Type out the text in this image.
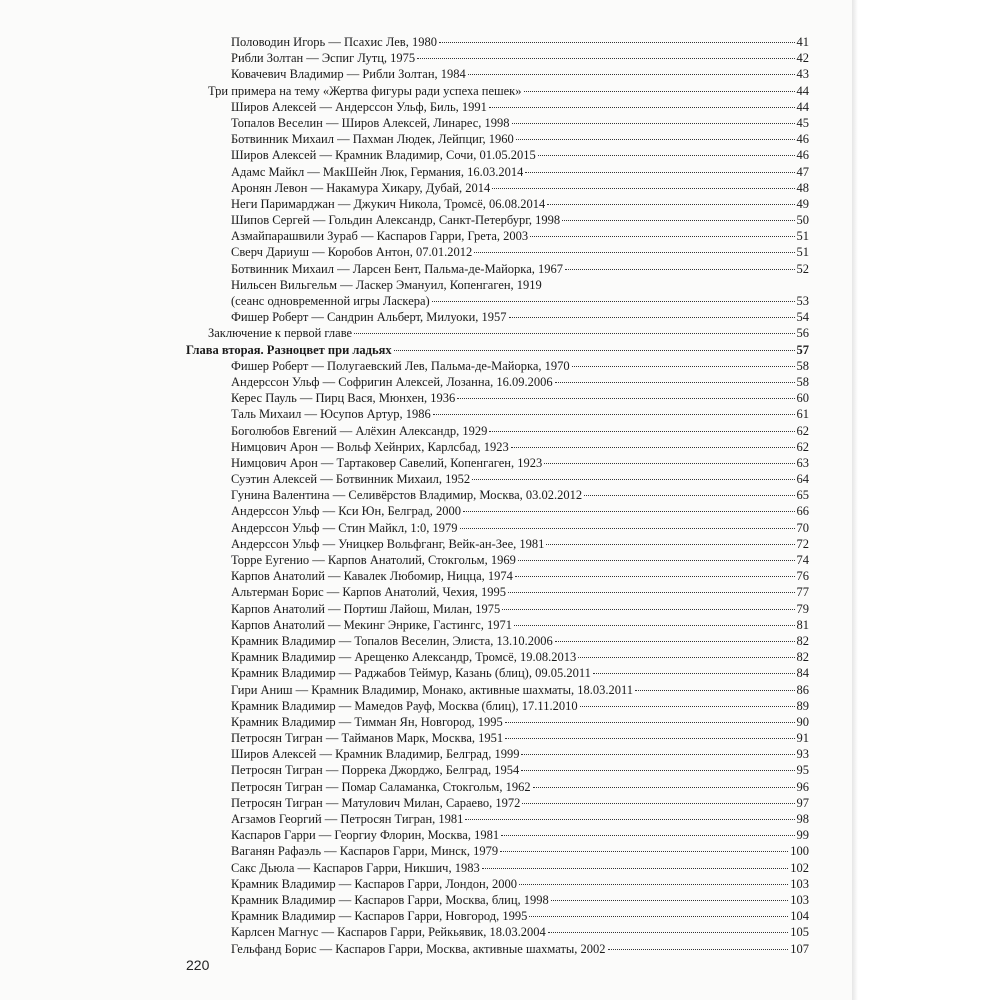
Половодин Игорь — Псахис Лев, 1980	41
Рибли Золтан — Эспиг Лутц, 1975	42
Ковачевич Владимир — Рибли Золтан, 1984	43
Три примера на тему «Жертва фигуры ради успеха пешек»	44
Широв Алексей — Андерссон Ульф, Биль, 1991	44
Топалов Веселин — Широв Алексей, Линарес, 1998	45
Ботвинник Михаил — Пахман Людек, Лейпциг, 1960	46
Широв Алексей — Крамник Владимир, Сочи, 01.05.2015	46
Адамс Майкл — МакШейн Люк, Германия, 16.03.2014	47
Аронян Левон — Накамура Хикару, Дубай, 2014	48
Неги Паримарджан — Джукич Никола, Тромсё, 06.08.2014	49
Шипов Сергей — Гольдин Александр, Санкт-Петербург, 1998	50
Азмайпарашвили Зураб — Каспаров Гарри, Грета, 2003	51
Сверч Дариуш — Коробов Антон, 07.01.2012	51
Ботвинник Михаил — Ларсен Бент, Пальма-де-Майорка, 1967	52
Нильсен Вильгельм — Ласкер Эмануил, Копенгаген, 1919
(сеанс одновременной игры Ласкера)	53
Фишер Роберт — Сандрин Альберт, Милуоки, 1957	54
Заключение к первой главе	56
Глава вторая. Разноцвет при ладьях	57
Фишер Роберт — Полугаевский Лев, Пальма-де-Майорка, 1970	58
Андерссон Ульф — Софригин Алексей, Лозанна, 16.09.2006	58
Керес Пауль — Пирц Вася, Мюнхен, 1936	60
Таль Михаил — Юсупов Артур, 1986	61
Боголюбов Евгений — Алёхин Александр, 1929	62
Нимцович Арон — Вольф Хейнрих, Карлсбад, 1923	62
Нимцович Арон — Тартаковер Савелий, Копенгаген, 1923	63
Суэтин Алексей — Ботвинник Михаил, 1952	64
Гунина Валентина — Селивёрстов Владимир, Москва, 03.02.2012	65
Андерссон Ульф — Кси Юн, Белград, 2000	66
Андерссон Ульф — Стин Майкл, 1:0, 1979	70
Андерссон Ульф — Уницкер Вольфганг, Вейк-ан-Зее, 1981	72
Торре Еугенио — Карпов Анатолий, Стокгольм, 1969	74
Карпов Анатолий — Кавалек Любомир, Ницца, 1974	76
Альтерман Борис — Карпов Анатолий, Чехия, 1995	77
Карпов Анатолий — Портиш Лайош, Милан, 1975	79
Карпов Анатолий — Мекинг Энрике, Гастингс, 1971	81
Крамник Владимир — Топалов Веселин, Элиста, 13.10.2006	82
Крамник Владимир — Арещенко Александр, Тромсё, 19.08.2013	82
Крамник Владимир — Раджабов Теймур, Казань (блиц), 09.05.2011	84
Гири Аниш — Крамник Владимир, Монако, активные шахматы, 18.03.2011	86
Крамник Владимир — Мамедов Рауф, Москва (блиц), 17.11.2010	89
Крамник Владимир — Тимман Ян, Новгород, 1995	90
Петросян Тигран — Тайманов Марк, Москва, 1951	91
Широв Алексей — Крамник Владимир, Белград, 1999	93
Петросян Тигран — Поррека Джорджо, Белград, 1954	95
Петросян Тигран — Помар Саламанка, Стокгольм, 1962	96
Петросян Тигран — Матулович Милан, Сараево, 1972	97
Агзамов Георгий — Петросян Тигран, 1981	98
Каспаров Гарри — Георгиу Флорин, Москва, 1981	99
Ваганян Рафаэль — Каспаров Гарри, Минск, 1979	100
Сакс Дьюла — Каспаров Гарри, Никшич, 1983	102
Крамник Владимир — Каспаров Гарри, Лондон, 2000	103
Крамник Владимир — Каспаров Гарри, Москва, блиц, 1998	103
Крамник Владимир — Каспаров Гарри, Новгород, 1995	104
Карлсен Магнус — Каспаров Гарри, Рейкьявик, 18.03.2004	105
Гельфанд Борис — Каспаров Гарри, Москва, активные шахматы, 2002	107
220
